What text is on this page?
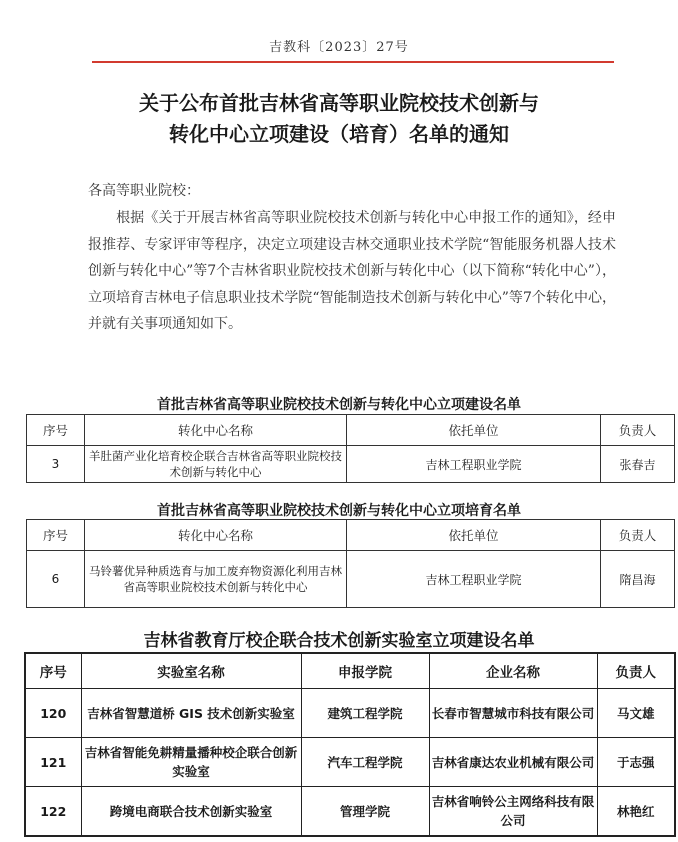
吉教科〔2023〕27号
关于公布首批吉林省高等职业院校技术创新与
转化中心立项建设（培育）名单的通知
各高等职业院校：
根据《关于开展吉林省高等职业院校技术创新与转化中心申报工作的通知》，经申报推荐、专家评审等程序，决定立项建设吉林交通职业技术学院“智能服务机器人技术创新与转化中心”等7个吉林省职业院校技术创新与转化中心（以下简称“转化中心”），立项培育吉林电子信息职业技术学院“智能制造技术创新与转化中心”等7个转化中心，并就有关事项通知如下。
首批吉林省高等职业院校技术创新与转化中心立项建设名单
序号	转化中心名称	依托单位	负责人
3	羊肚菌产业化培育校企联合吉林省高等职业院校技术创新与转化中心	吉林工程职业学院	张春吉
首批吉林省高等职业院校技术创新与转化中心立项培育名单
序号	转化中心名称	依托单位	负责人
6	马铃薯优异种质选育与加工废弃物资源化利用吉林省高等职业院校技术创新与转化中心	吉林工程职业学院	隋昌海
吉林省教育厅校企联合技术创新实验室立项建设名单
序号	实验室名称	申报学院	企业名称	负责人
120	吉林省智慧道桥 GIS 技术创新实验室	建筑工程学院	长春市智慧城市科技有限公司	马文雄
121	吉林省智能免耕精量播种校企联合创新实验室	汽车工程学院	吉林省康达农业机械有限公司	于志强
122	跨境电商联合技术创新实验室	管理学院	吉林省响铃公主网络科技有限公司	林艳红
